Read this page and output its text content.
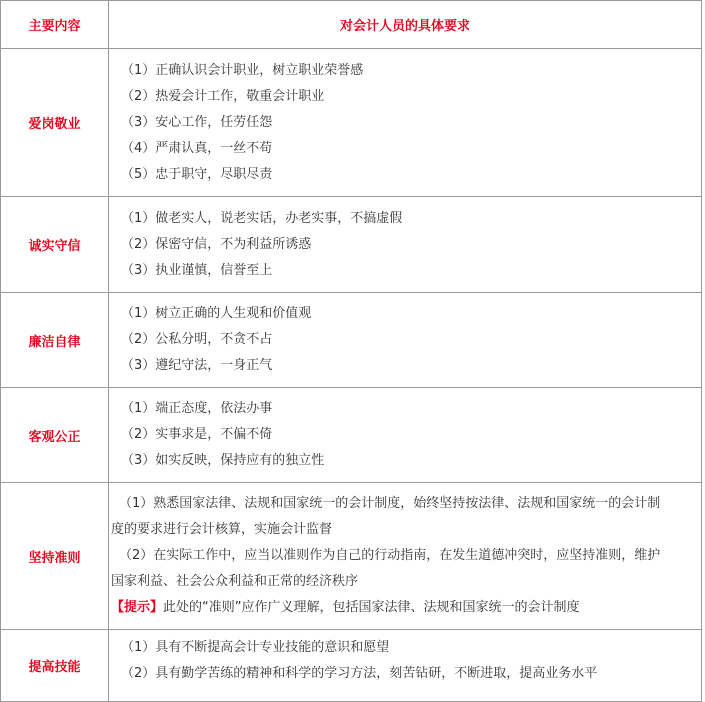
主要内容	对会计人员的具体要求
爱岗敬业	（1）正确认识会计职业，树立职业荣誉感
（2）热爱会计工作，敬重会计职业
（3）安心工作，任劳任怨
（4）严肃认真，一丝不苟
（5）忠于职守，尽职尽责

诚实守信	（1）做老实人，说老实话，办老实事，不搞虚假
（2）保密守信，不为利益所诱惑
（3）执业谨慎，信誉至上

廉洁自律	（1）树立正确的人生观和价值观
（2）公私分明，不贪不占
（3）遵纪守法，一身正气

客观公正	（1）端正态度，依法办事
（2）实事求是，不偏不倚
（3）如实反映，保持应有的独立性

坚持准则	（1）熟悉国家法律、法规和国家统一的会计制度，始终坚持按法律、法规和国家统一的会计制
度的要求进行会计核算，实施会计监督
（2）在实际工作中，应当以准则作为自己的行动指南，在发生道德冲突时，应坚持准则，维护
国家利益、社会公众利益和正常的经济秩序
【提示】此处的“准则”应作广义理解，包括国家法律、法规和国家统一的会计制度

提高技能	（1）具有不断提高会计专业技能的意识和愿望
（2）具有勤学苦练的精神和科学的学习方法，刻苦钻研，不断进取，提高业务水平
